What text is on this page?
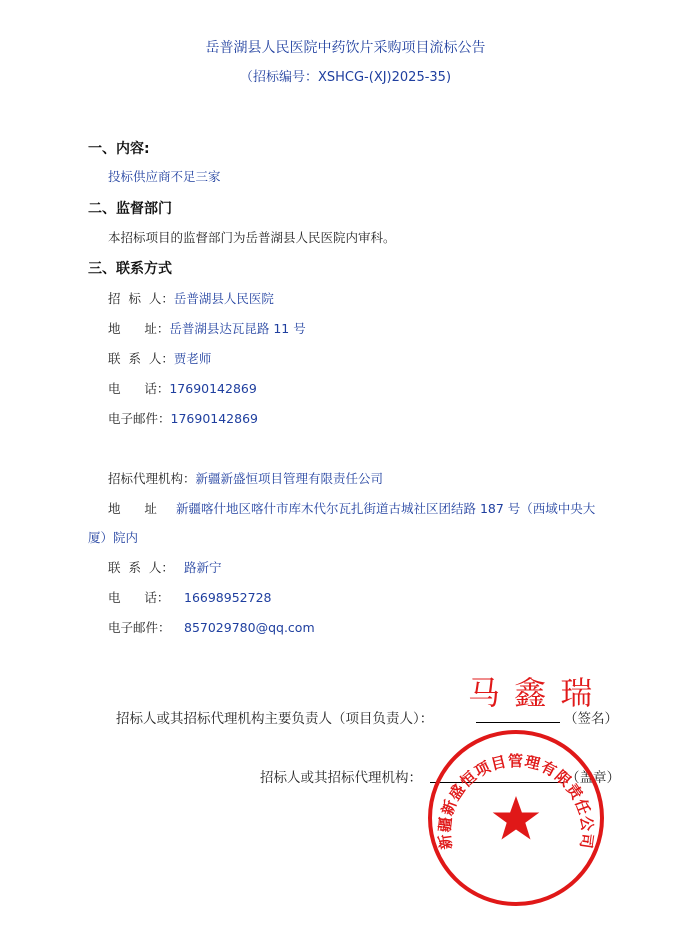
岳普湖县人民医院中药饮片采购项目流标公告
（招标编号：XSHCG-(XJ)2025-35)
一、内容:
投标供应商不足三家
二、监督部门
本招标项目的监督部门为岳普湖县人民医院内审科。
三、联系方式
招  标  人：岳普湖县人民医院
地      址：岳普湖县达瓦昆路 11 号
联  系  人：贾老师
电      话：17690142869
电子邮件：17690142869
招标代理机构：新疆新盛恒项目管理有限责任公司
地      址 新疆喀什地区喀什市库木代尔瓦扎街道古城社区团结路 187 号（西域中央大
厦）院内
联  系  人： 路新宁
电      话： 16698952728
电子邮件： 857029780@qq.com
招标人或其招标代理机构主要负责人（项目负责人）：	（签名）
马 鑫 瑞
招标人或其招标代理机构：	（盖章）
新疆新盛恒项目管理有限责任公司
